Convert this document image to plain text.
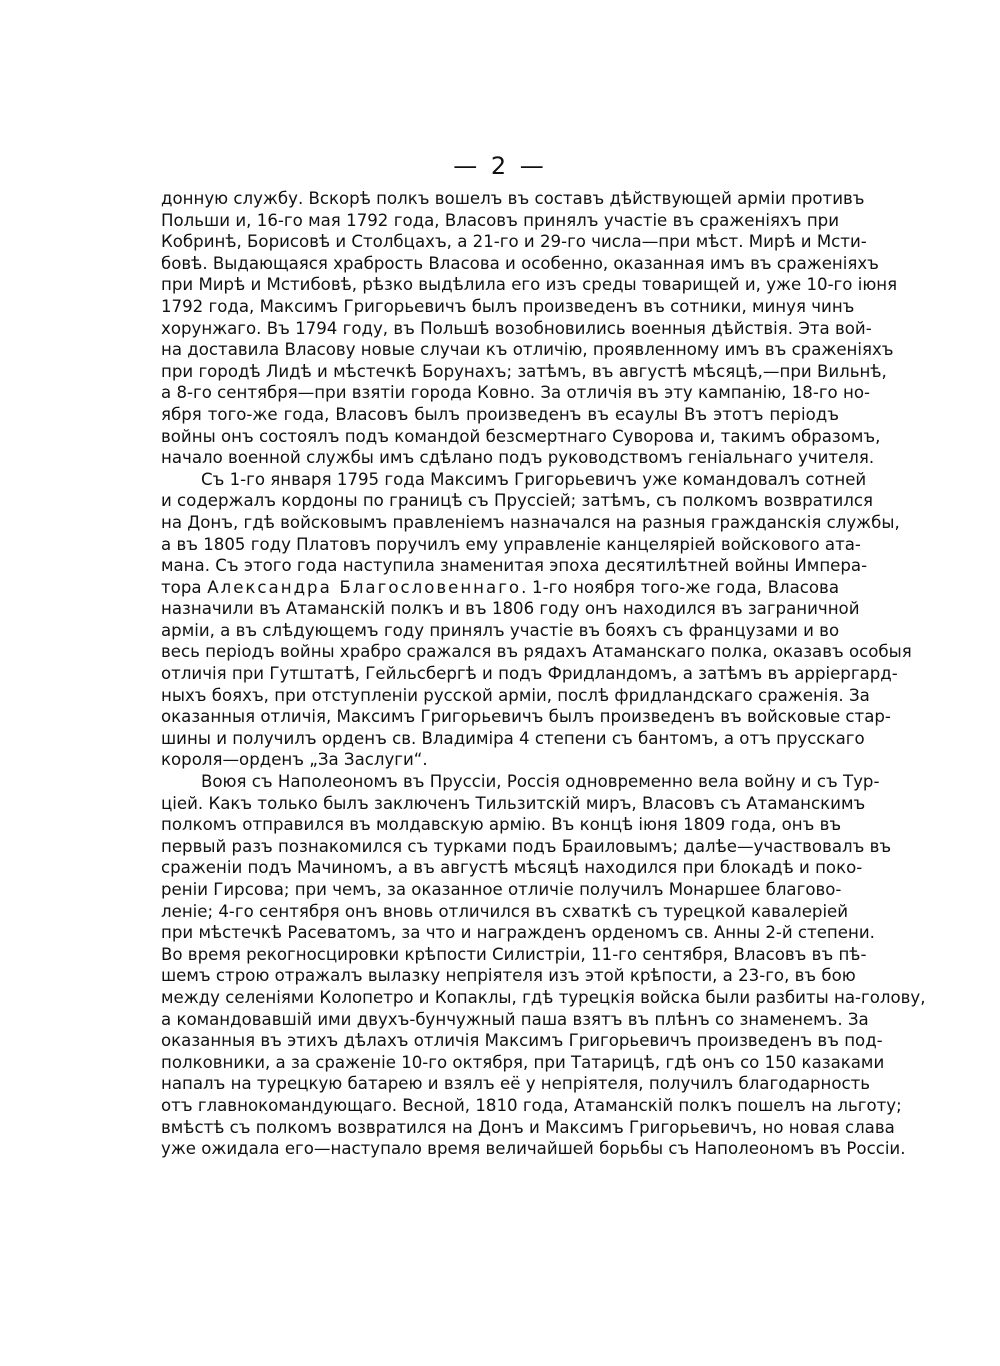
— 2 —

донную службу. Вскорѣ полкъ вошелъ въ составъ дѣйствующей арміи противъ
Польши и, 16-го мая 1792 года, Власовъ принялъ участіе въ сраженіяхъ при
Кобринѣ, Борисовѣ и Столбцахъ, а 21-го и 29-го числа—при мѣст. Мирѣ и Мсти-
бовѣ. Выдающаяся храбрость Власова и особенно, оказанная имъ въ сраженіяхъ
при Мирѣ и Мстибовѣ, рѣзко выдѣлила его изъ среды товарищей и, уже 10-го іюня
1792 года, Максимъ Григорьевичъ былъ произведенъ въ сотники, минуя чинъ
хорунжаго. Въ 1794 году, въ Польшѣ возобновились военныя дѣйствія. Эта вой-
на доставила Власову новые случаи къ отличію, проявленному имъ въ сраженіяхъ
при городѣ Лидѣ и мѣстечкѣ Борунахъ; затѣмъ, въ августѣ мѣсяцѣ,—при Вильнѣ,
а 8-го сентября—при взятіи города Ковно. За отличія въ эту кампанію, 18-го но-
ября того-же года, Власовъ былъ произведенъ въ есаулы Въ этотъ періодъ
войны онъ состоялъ подъ командой безсмертнаго Суворова и, такимъ образомъ,
начало военной службы имъ сдѣлано подъ руководствомъ геніальнаго учителя.

Съ 1-го января 1795 года Максимъ Григорьевичъ уже командовалъ сотней
и содержалъ кордоны по границѣ съ Пруссіей; затѣмъ, съ полкомъ возвратился
на Донъ, гдѣ войсковымъ правленіемъ назначался на разныя гражданскія службы,
а въ 1805 году Платовъ поручилъ ему управленіе канцеляріей войскового ата-
мана. Съ этого года наступила знаменитая эпоха десятилѣтней войны Импера-
тора Александра Благословеннаго. 1-го ноября того-же года, Власова
назначили въ Атаманскій полкъ и въ 1806 году онъ находился въ заграничной
арміи, а въ слѣдующемъ году принялъ участіе въ бояхъ съ французами и во
весь періодъ войны храбро сражался въ рядахъ Атаманскаго полка, оказавъ особыя
отличія при Гутштатѣ, Гейльсбергѣ и подъ Фридландомъ, а затѣмъ въ арріергард-
ныхъ бояхъ, при отступленіи русской арміи, послѣ фридландскаго сраженія. За
оказанныя отличія, Максимъ Григорьевичъ былъ произведенъ въ войсковые стар-
шины и получилъ орденъ св. Владиміра 4 степени съ бантомъ, а отъ прусскаго
короля—орденъ „За Заслуги“.

Воюя съ Наполеономъ въ Пруссіи, Россія одновременно вела войну и съ Тур-
ціей. Какъ только былъ заключенъ Тильзитскій миръ, Власовъ съ Атаманскимъ
полкомъ отправился въ молдавскую армію. Въ концѣ іюня 1809 года, онъ въ
первый разъ познакомился съ турками подъ Браиловымъ; далѣе—участвовалъ въ
сраженіи подъ Мачиномъ, а въ августѣ мѣсяцѣ находился при блокадѣ и поко-
реніи Гирсова; при чемъ, за оказанное отличіе получилъ Монаршее благово-
леніе; 4-го сентября онъ вновь отличился въ схваткѣ съ турецкой кавалеріей
при мѣстечкѣ Расеватомъ, за что и награжденъ орденомъ св. Анны 2-й степени.
Во время рекогносцировки крѣпости Силистріи, 11-го сентября, Власовъ въ пѣ-
шемъ строю отражалъ вылазку непріятеля изъ этой крѣпости, а 23-го, въ бою
между селеніями Колопетро и Копаклы, гдѣ турецкія войска были разбиты на-голову,
а командовавшій ими двухъ-бунчужный паша взятъ въ плѣнъ со знаменемъ. За
оказанныя въ этихъ дѣлахъ отличія Максимъ Григорьевичъ произведенъ въ под-
полковники, а за сраженіе 10-го октября, при Татарицѣ, гдѣ онъ со 150 казаками
напалъ на турецкую батарею и взялъ её у непріятеля, получилъ благодарность
отъ главнокомандующаго. Весной, 1810 года, Атаманскій полкъ пошелъ на льготу;
вмѣстѣ съ полкомъ возвратился на Донъ и Максимъ Григорьевичъ, но новая слава
уже ожидала его—наступало время величайшей борьбы съ Наполеономъ въ Россіи.
